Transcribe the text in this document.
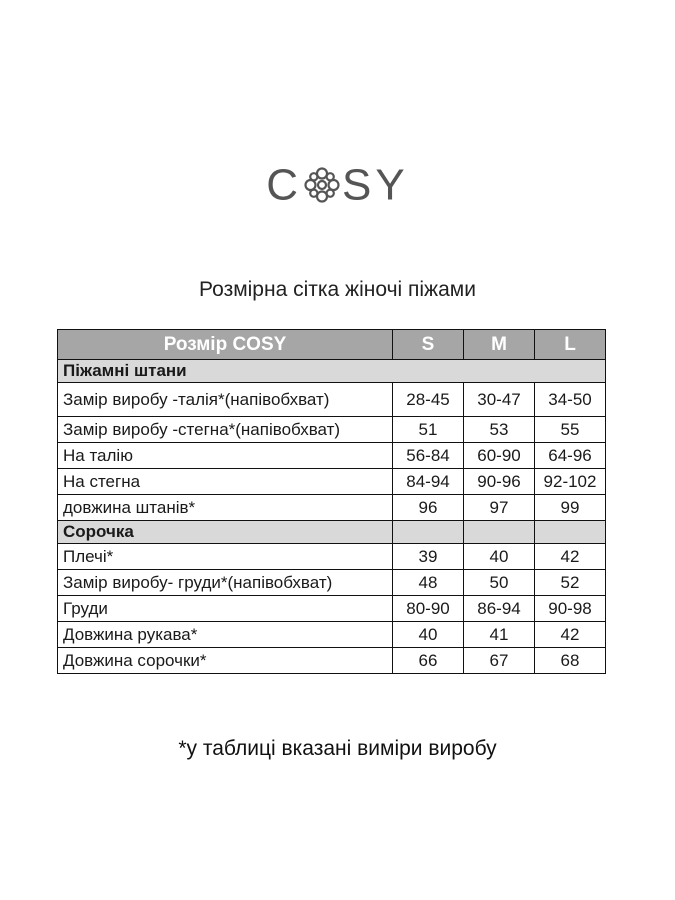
C SY
Розмірна сітка жіночі піжами
Розмір COSY	S	M	L
Піжамні штани			
Замір виробу -талія*(напівобхват)	28-45	30-47	34-50
Замір виробу -стегна*(напівобхват)	51	53	55
На талію	56-84	60-90	64-96
На стегна	84-94	90-96	92-102
довжина штанів*	96	97	99
Сорочка			
Плечі*	39	40	42
Замір виробу- груди*(напівобхват)	48	50	52
Груди	80-90	86-94	90-98
Довжина рукава*	40	41	42
Довжина сорочки*	66	67	68
*у таблиці вказані виміри виробу
